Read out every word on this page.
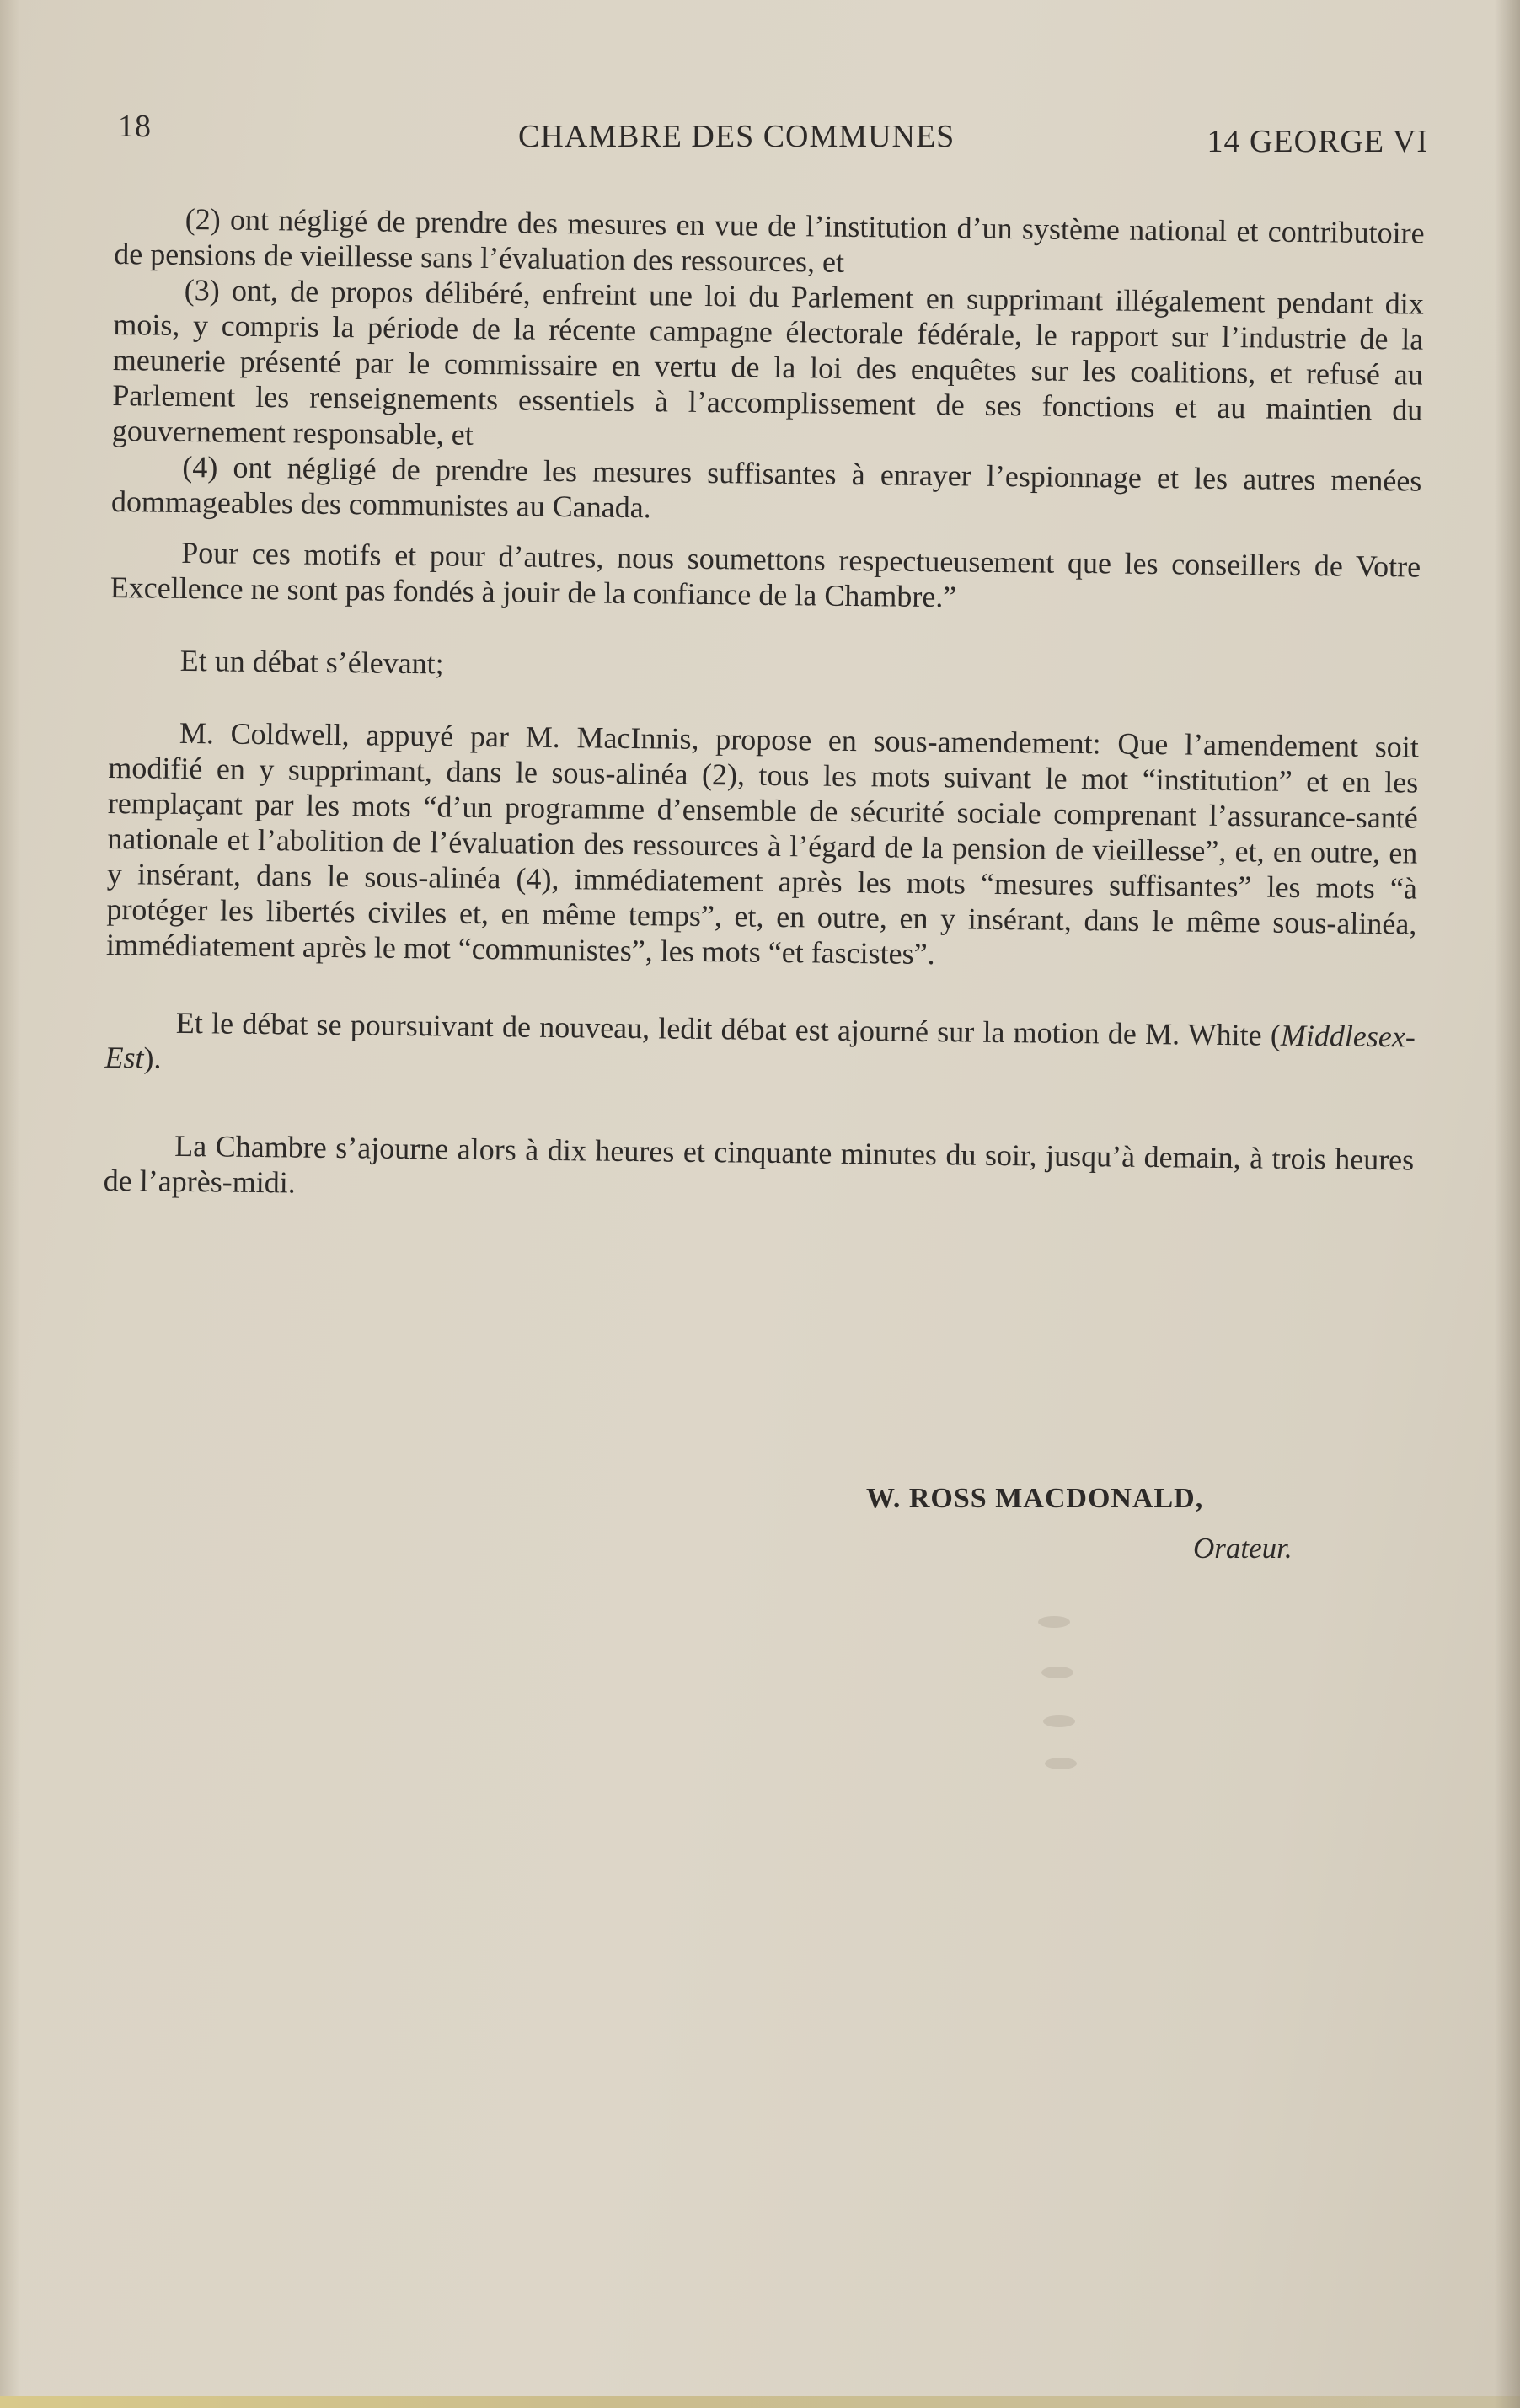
18	CHAMBRE DES COMMUNES	14 GEORGE VI

(2) ont négligé de prendre des mesures en vue de l’institution d’un système national et contributoire de pensions de vieillesse sans l’évaluation des ressources, et

(3) ont, de propos délibéré, enfreint une loi du Parlement en supprimant illégalement pendant dix mois, y compris la période de la récente campagne électorale fédérale, le rapport sur l’industrie de la meunerie présenté par le commissaire en vertu de la loi des enquêtes sur les coalitions, et refusé au Parlement les renseignements essentiels à l’accomplissement de ses fonctions et au maintien du gouvernement responsable, et

(4) ont négligé de prendre les mesures suffisantes à enrayer l’espionnage et les autres menées dommageables des communistes au Canada.

Pour ces motifs et pour d’autres, nous soumettons respectueusement que les conseillers de Votre Excellence ne sont pas fondés à jouir de la confiance de la Chambre.”

Et un débat s’élevant;

M. Coldwell, appuyé par M. MacInnis, propose en sous-amendement: Que l’amendement soit modifié en y supprimant, dans le sous-alinéa (2), tous les mots suivant le mot “institution” et en les remplaçant par les mots “d’un programme d’ensemble de sécurité sociale comprenant l’assurance-santé nationale et l’abolition de l’évaluation des ressources à l’égard de la pension de vieillesse”, et, en outre, en y insérant, dans le sous-alinéa (4), immédiatement après les mots “mesures suffisantes” les mots “à protéger les libertés civiles et, en même temps”, et, en outre, en y insérant, dans le même sous-alinéa, immédiatement après le mot “communistes”, les mots “et fascistes”.

Et le débat se poursuivant de nouveau, ledit débat est ajourné sur la motion de M. White (Middlesex-Est).

La Chambre s’ajourne alors à dix heures et cinquante minutes du soir, jusqu’à demain, à trois heures de l’après-midi.

W. ROSS MACDONALD,
Orateur.
